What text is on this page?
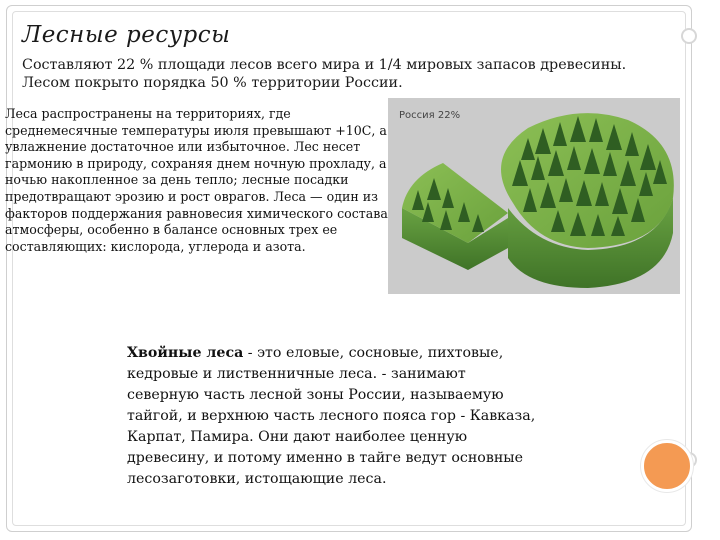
Лесные ресурсы

Составляют 22 % площади лесов всего мира и 1/4 мировых запасов древесины. Лесом покрыто порядка 50 % территории России.

Леса распространены на территориях, где среднемесячные температуры июля превышают +10С, а увлажнение достаточное или избыточное. Лес несет гармонию в природу, сохраняя днем ночную прохладу, а ночью накопленное за день тепло; лесные посадки предотвращают эрозию и рост оврагов. Леса — один из факторов поддержания равновесия химического состава атмосферы, особенно в балансе основных трех ее составляющих: кислорода, углерода и азота.

Россия 22%

Хвойные леса - это еловые, сосновые, пихтовые, кедровые и лиственничные леса. - занимают северную часть лесной зоны России, называемую тайгой, и верхнюю часть лесного пояса гор - Кавказа, Карпат, Памира. Они дают наиболее ценную древесину, и потому именно в тайге ведут основные лесозаготовки, истощающие леса.
